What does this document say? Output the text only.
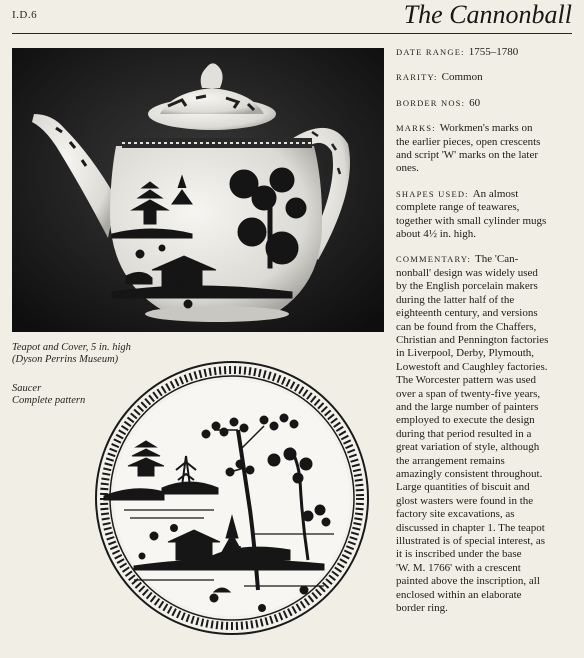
I.D.6	The Cannonball
Teapot and Cover, 5 in. high
(Dyson Perrins Museum)
Saucer
Complete pattern

DATE RANGE: 1755–1780

RARITY: Common

BORDER NOS: 60

MARKS: Workmen's marks on
the earlier pieces, open crescents
and script 'W' marks on the later
ones.

SHAPES USED: An almost
complete range of teawares,
together with small cylinder mugs
about 4½ in. high.

COMMENTARY: The 'Can-
nonball' design was widely used
by the English porcelain makers
during the latter half of the
eighteenth century, and versions
can be found from the Chaffers,
Christian and Pennington factories
in Liverpool, Derby, Plymouth,
Lowestoft and Caughley factories.
The Worcester pattern was used
over a span of twenty-five years,
and the large number of painters
employed to execute the design
during that period resulted in a
great variation of style, although
the arrangement remains
amazingly consistent throughout.
Large quantities of biscuit and
glost wasters were found in the
factory site excavations, as
discussed in chapter 1. The teapot
illustrated is of special interest, as
it is inscribed under the base
'W. M. 1766' with a crescent
painted above the inscription, all
enclosed within an elaborate
border ring.
